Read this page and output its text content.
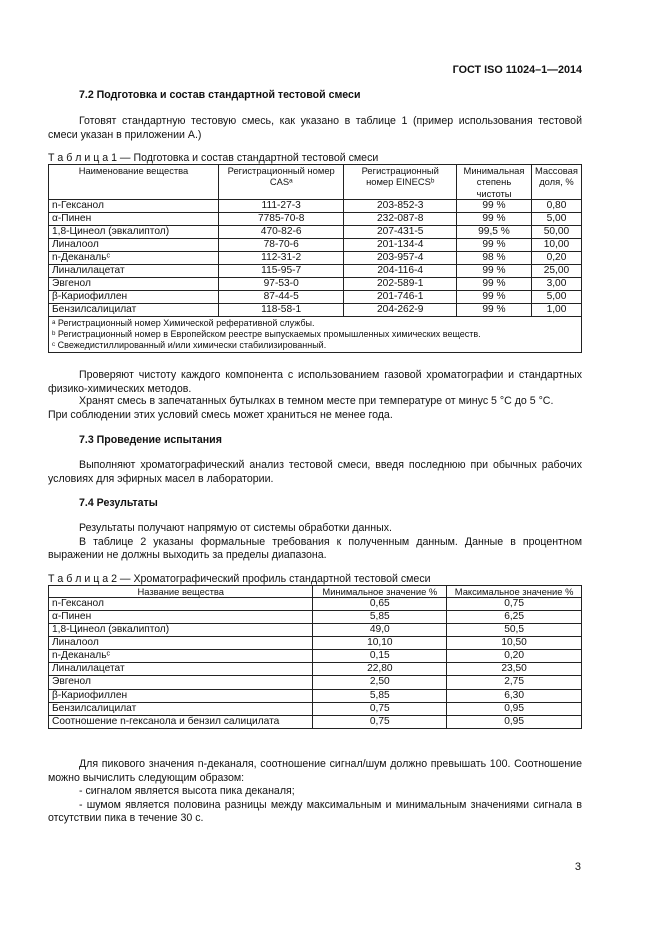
ГОСТ ISO 11024–1—2014
7.2 Подготовка и состав стандартной тестовой смеси

Готовят стандартную тестовую смесь, как указано в таблице 1 (пример использования тестовой смеси указан в приложении А.)

Т а б л и ц а 1 — Подготовка и состав стандартной тестовой смеси
Наименование вещества	Регистрационный номер CASᵃ	Регистрационный номер EINECSᵇ	Минимальная степень чистоты	Массовая доля, %
n-Гексанол	111-27-3	203-852-3	99 %	0,80
α-Пинен	7785-70-8	232-087-8	99 %	5,00
1,8-Цинеол (эвкалиптол)	470-82-6	207-431-5	99,5 %	50,00
Линалоол	78-70-6	201-134-4	99 %	10,00
n-Деканальᶜ	112-31-2	203-957-4	98 %	0,20
Линалилацетат	115-95-7	204-116-4	99 %	25,00
Эвгенол	97-53-0	202-589-1	99 %	3,00
β-Кариофиллен	87-44-5	201-746-1	99 %	5,00
Бензилсалицилат	118-58-1	204-262-9	99 %	1,00

ᵃ Регистрационный номер Химической реферативной службы.
ᵇ Регистрационный номер в Европейском реестре выпускаемых промышленных химических веществ.
ᶜ Свежедистиллированный и/или химически стабилизированный.				

Проверяют чистоту каждого компонента с использованием газовой хроматографии и стандартных физико-химических методов.

Хранят смесь в запечатанных бутылках в темном месте при температуре от минус 5 °С до 5 °С.
При соблюдении этих условий смесь может храниться не менее года.
7.3 Проведение испытания

Выполняют хроматографический анализ тестовой смеси, введя последнюю при обычных рабочих условиях для эфирных масел в лаборатории.

7.4 Результаты
Результаты получают напрямую от системы обработки данных.

В таблице 2 указаны формальные требования к полученным данным. Данные в процентном выражении не должны выходить за пределы диапазона.

Т а б л и ц а 2 — Хроматографический профиль стандартной тестовой смеси
Название вещества	Минимальное значение %	Максимальное значение %
n-Гексанол	0,65	0,75
α-Пинен	5,85	6,25
1,8-Цинеол (эвкалиптол)	49,0	50,5
Линалоол	10,10	10,50
n-Деканальᶜ	0,15	0,20
Линалилацетат	22,80	23,50
Эвгенол	2,50	2,75
β-Кариофиллен	5,85	6,30
Бензилсалицилат	0,75	0,95
Соотношение n-гексанола и бензил салицилата	0,75	0,95

Для пикового значения n-деканаля, соотношение сигнал/шум должно превышать 100. Соотношение можно вычислить следующим образом:

- сигналом является высота пика деканаля;

- шумом является половина разницы между максимальным и минимальным значениями сигнала в отсутствии пика в течение 30 с.

3
